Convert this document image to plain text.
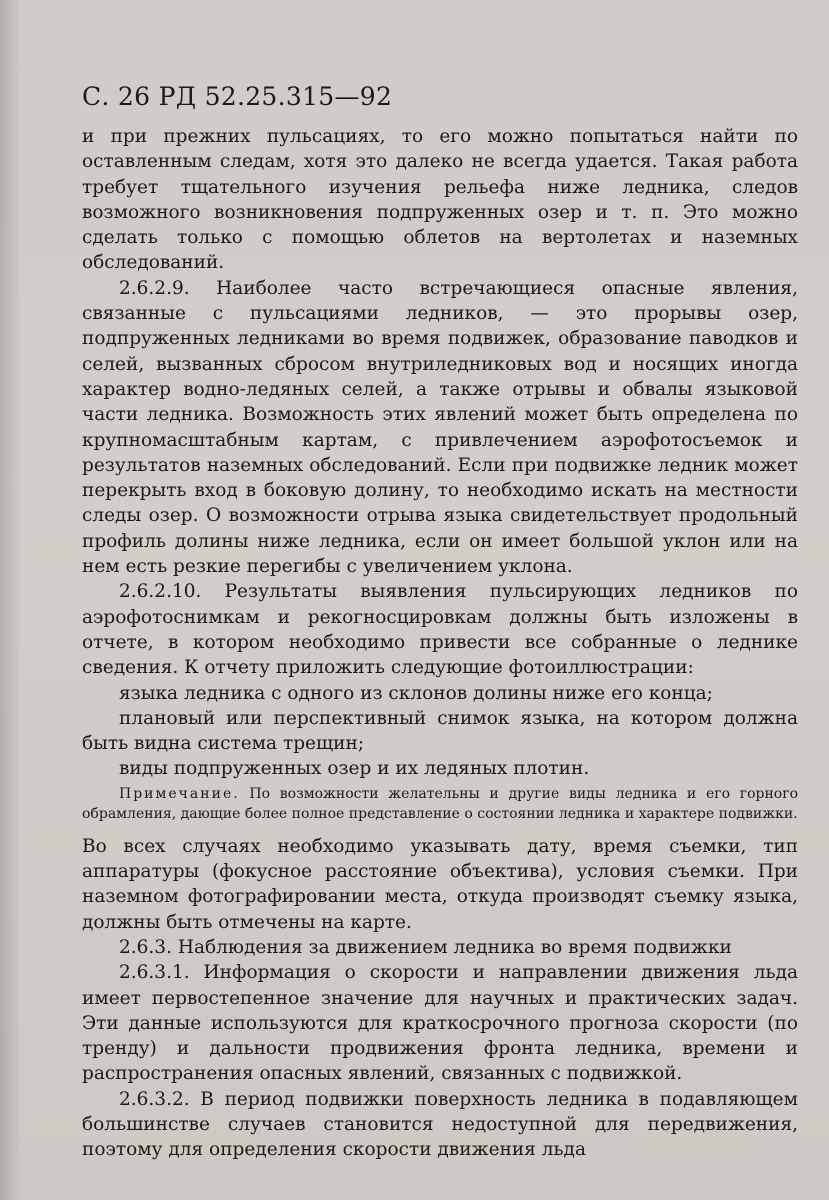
С. 26 РД 52.25.315—92

и при прежних пульсациях, то его можно попытаться найти по оставленным следам, хотя это далеко не всегда удается. Такая работа требует тщательного изучения рельефа ниже ледника, следов возможного возникновения подпруженных озер и т. п. Это можно сделать только с помощью облетов на вертолетах и наземных обследований.

2.6.2.9. Наиболее часто встречающиеся опасные явления, связанные с пульсациями ледников, — это прорывы озер, подпруженных ледниками во время подвижек, образование паводков и селей, вызванных сбросом внутриледниковых вод и носящих иногда характер водно-ледяных селей, а также отрывы и обвалы языковой части ледника. Возможность этих явлений может быть определена по крупномасштабным картам, с привлечением аэрофотосъемок и результатов наземных обследований. Если при подвижке ледник может перекрыть вход в боковую долину, то необходимо искать на местности следы озер. О возможности отрыва языка свидетельствует продольный профиль долины ниже ледника, если он имеет большой уклон или на нем есть резкие перегибы с увеличением уклона.

2.6.2.10. Результаты выявления пульсирующих ледников по аэрофотоснимкам и рекогносцировкам должны быть изложены в отчете, в котором необходимо привести все собранные о леднике сведения. К отчету приложить следующие фотоиллюстрации:

языка ледника с одного из склонов долины ниже его конца;

плановый или перспективный снимок языка, на котором должна быть видна система трещин;

виды подпруженных озер и их ледяных плотин.

Примечание. По возможности желательны и другие виды ледника и его горного обрамления, дающие более полное представление о состоянии ледника и характере подвижки.

Во всех случаях необходимо указывать дату, время съемки, тип аппаратуры (фокусное расстояние объектива), условия съемки. При наземном фотографировании места, откуда производят съемку языка, должны быть отмечены на карте.

2.6.3. Наблюдения за движением ледника во время подвижки

2.6.3.1. Информация о скорости и направлении движения льда имеет первостепенное значение для научных и практических задач. Эти данные используются для краткосрочного прогноза скорости (по тренду) и дальности продвижения фронта ледника, времени и распространения опасных явлений, связанных с подвижкой.

2.6.3.2. В период подвижки поверхность ледника в подавляющем большинстве случаев становится недоступной для передвижения, поэтому для определения скорости движения льда
